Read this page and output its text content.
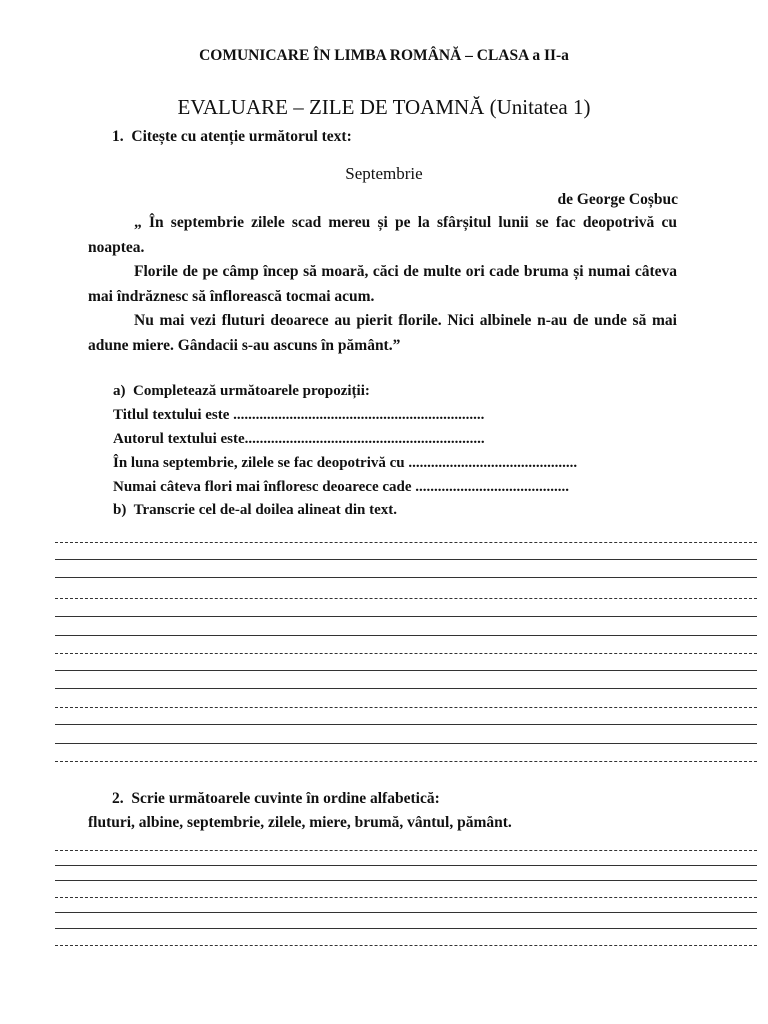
COMUNICARE ÎN LIMBA ROMÂNĂ – CLASA a II-a
EVALUARE – ZILE DE TOAMNĂ (Unitatea 1)
1. Citește cu atenție următorul text:
Septembrie
de George Coșbuc

„ În septembrie zilele scad mereu și pe la sfârșitul lunii se fac deopotrivă cu noaptea.

Florile de pe câmp încep să moară, căci de multe ori cade bruma și numai câteva mai îndrăznesc să înflorească tocmai acum.

Nu mai vezi fluturi deoarece au pierit florile. Nici albinele n-au de unde să mai adune miere. Gândacii s-au ascuns în pământ.”

a) Completează următoarele propoziții:
Titlul textului este ...................................................................
Autorul textului este................................................................
În luna septembrie, zilele se fac deopotrivă cu .............................................
Numai câteva flori mai înfloresc deoarece cade .........................................
b) Transcrie cel de-al doilea alineat din text.
2. Scrie următoarele cuvinte în ordine alfabetică:
fluturi, albine, septembrie, zilele, miere, brumă, vântul, pământ.
